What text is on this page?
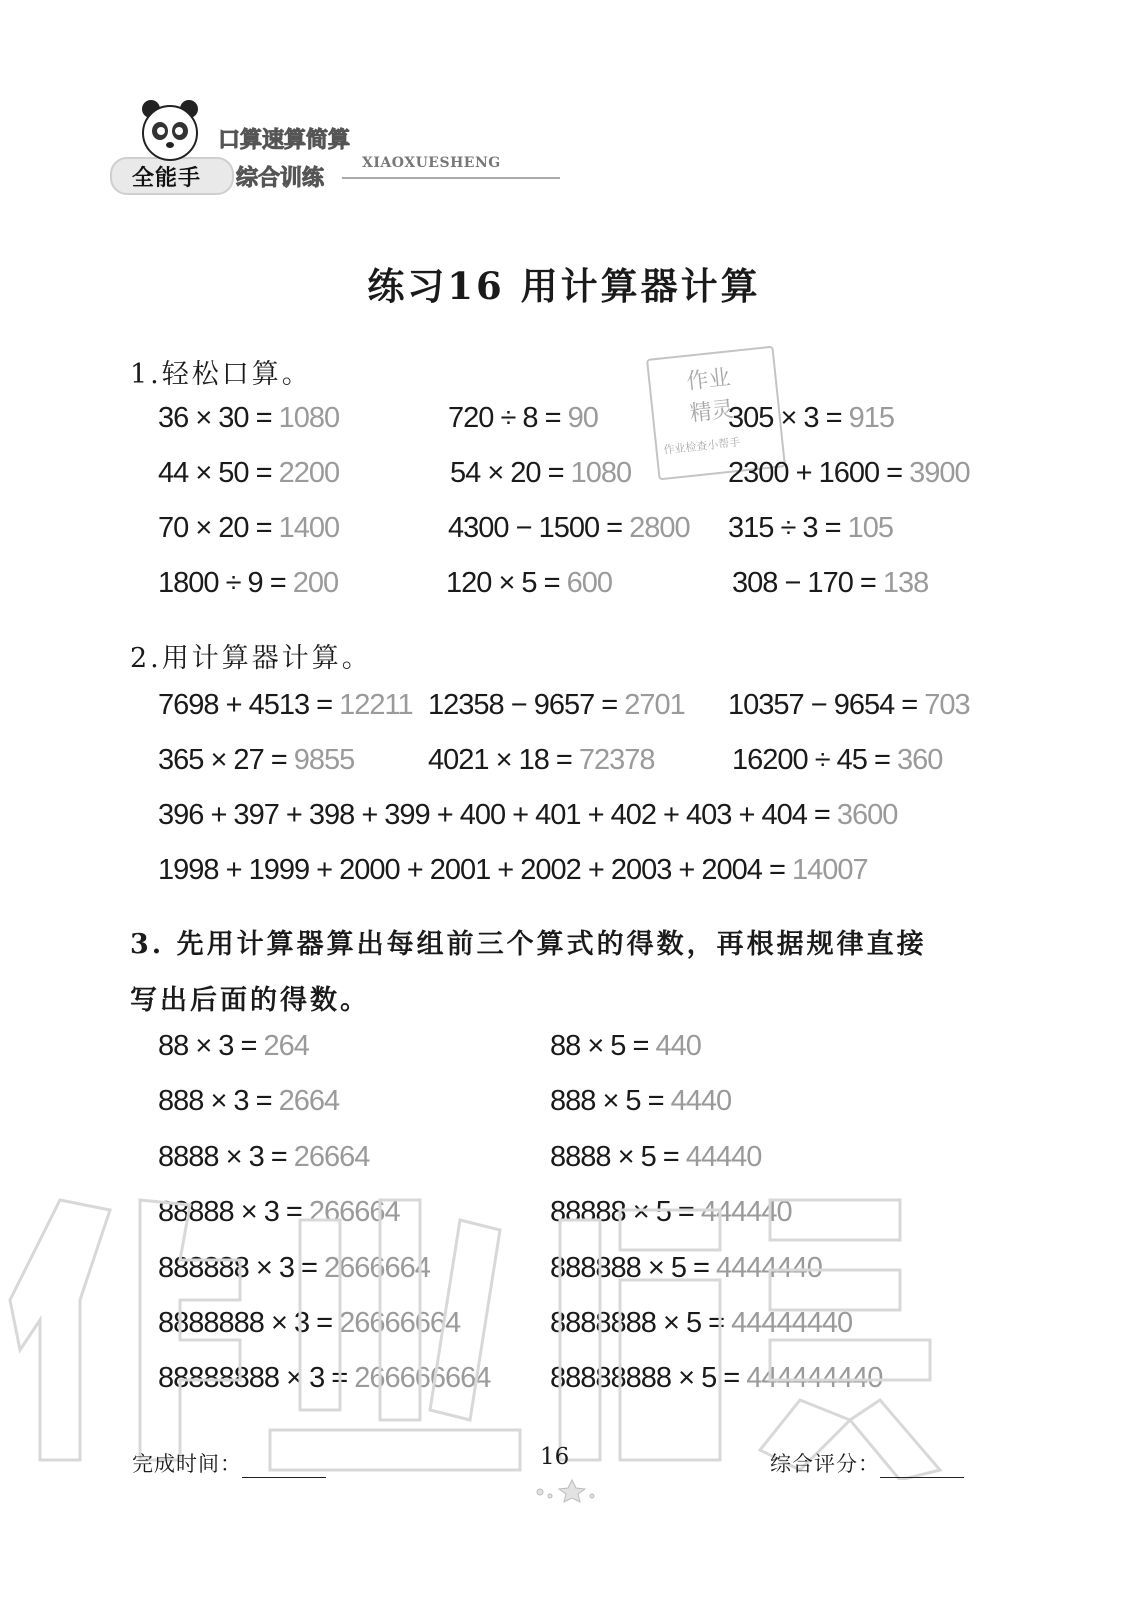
全能手
口算速算简算
综合训练
XIAOXUESHENG
练习16 用计算器计算
作业
精灵
作业检查小帮手
1.轻松口算。
36 × 30 = 1080	720 ÷ 8 = 90	305 × 3 = 915
44 × 50 = 2200	54 × 20 = 1080	2300 + 1600 = 3900
70 × 20 = 1400	4300 − 1500 = 2800 315 ÷ 3 = 105
1800 ÷ 9 = 200	120 × 5 = 600	308 − 170 = 138
2.用计算器计算。
7698 + 4513 = 12211 12358 − 9657 = 2701 10357 − 9654 = 703
365 × 27 = 9855	4021 × 18 = 72378	16200 ÷ 45 = 360
396 + 397 + 398 + 399 + 400 + 401 + 402 + 403 + 404 = 3600
1998 + 1999 + 2000 + 2001 + 2002 + 2003 + 2004 = 14007
3. 先用计算器算出每组前三个算式的得数，再根据规律直接
写出后面的得数。
88 × 3 = 264	88 × 5 = 440
888 × 3 = 2664	888 × 5 = 4440
8888 × 3 = 26664	8888 × 5 = 44440
88888 × 3 = 266664	88888 × 5 = 444440
888888 × 3 = 2666664	888888 × 5 = 4444440
8888888 × 3 = 26666664	8888888 × 5 = 44444440
88888888 × 3 = 266666664 88888888 × 5 = 444444440
完成时间：	16	综合评分：
